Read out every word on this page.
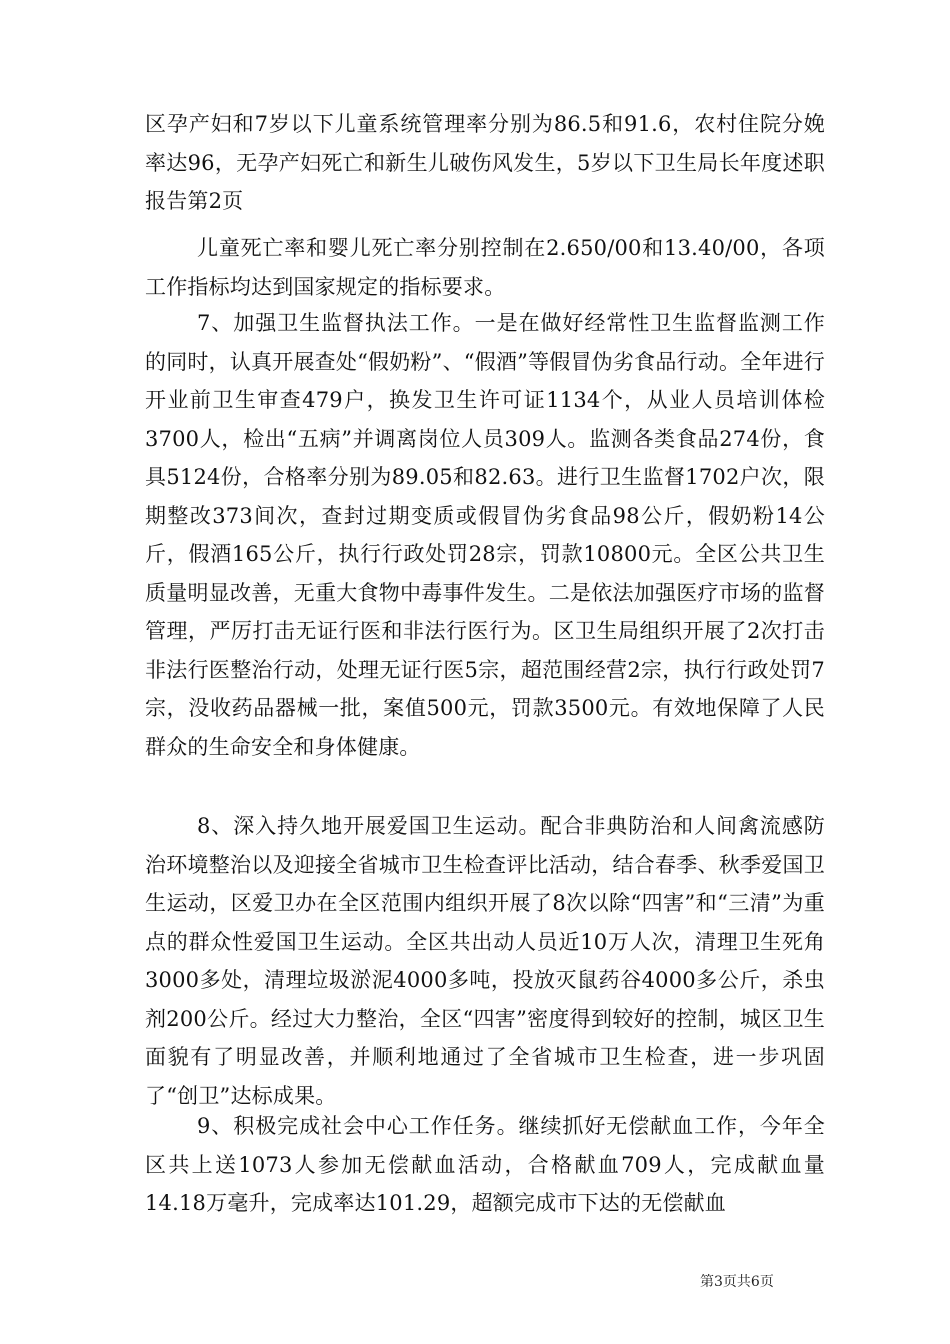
区孕产妇和7岁以下儿童系统管理率分别为86.5和91.6，农村住院分娩率达96，无孕产妇死亡和新生儿破伤风发生，5岁以下卫生局长年度述职报告第2页

儿童死亡率和婴儿死亡率分别控制在2.650/00和13.40/00，各项工作指标均达到国家规定的指标要求。

7、加强卫生监督执法工作。一是在做好经常性卫生监督监测工作的同时，认真开展查处“假奶粉”、“假酒”等假冒伪劣食品行动。全年进行开业前卫生审查479户，换发卫生许可证1134个，从业人员培训体检3700人，检出“五病”并调离岗位人员309人。监测各类食品274份，食具5124份，合格率分别为89.05和82.63。进行卫生监督1702户次，限期整改373间次，查封过期变质或假冒伪劣食品98公斤，假奶粉14公斤，假酒165公斤，执行行政处罚28宗，罚款10800元。全区公共卫生质量明显改善，无重大食物中毒事件发生。二是依法加强医疗市场的监督管理，严厉打击无证行医和非法行医行为。区卫生局组织开展了2次打击非法行医整治行动，处理无证行医5宗，超范围经营2宗，执行行政处罚7宗，没收药品器械一批，案值500元，罚款3500元。有效地保障了人民群众的生命安全和身体健康。

8、深入持久地开展爱国卫生运动。配合非典防治和人间禽流感防治环境整治以及迎接全省城市卫生检查评比活动，结合春季、秋季爱国卫生运动，区爱卫办在全区范围内组织开展了8次以除“四害”和“三清”为重点的群众性爱国卫生运动。全区共出动人员近10万人次，清理卫生死角3000多处，清理垃圾淤泥4000多吨，投放灭鼠药谷4000多公斤，杀虫剂200公斤。经过大力整治，全区“四害”密度得到较好的控制，城区卫生面貌有了明显改善，并顺利地通过了全省城市卫生检查，进一步巩固了“创卫”达标成果。

9、积极完成社会中心工作任务。继续抓好无偿献血工作，今年全区共上送1073人参加无偿献血活动，合格献血709人，完成献血量14.18万毫升，完成率达101.29，超额完成市下达的无偿献血

第3页共6页
